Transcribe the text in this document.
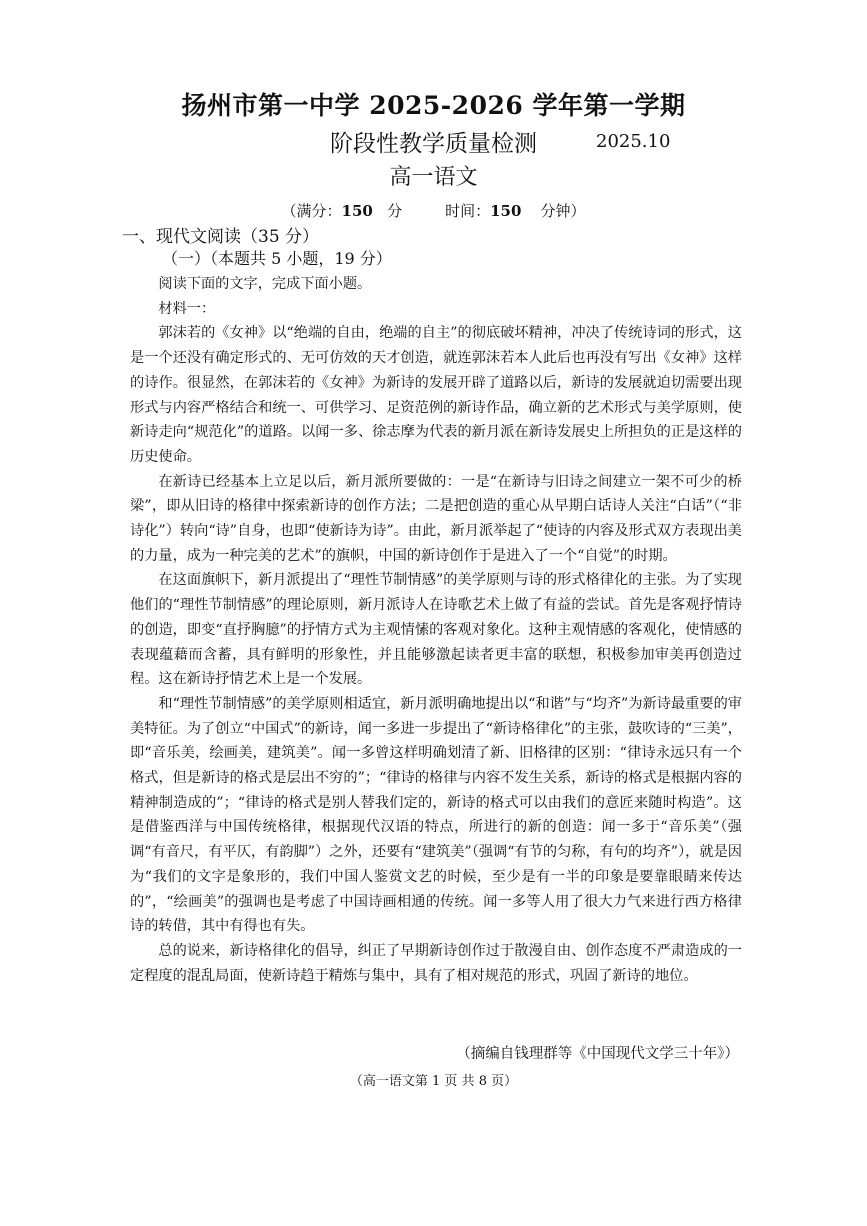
扬州市第一中学 2025-2026 学年第一学期
阶段性教学质量检测	2025.10
高一语文
（满分：150 分	时间：150 分钟）
一、现代文阅读（35 分）
（一）（本题共 5 小题，19 分）

阅读下面的文字，完成下面小题。

材料一：

郭沫若的《女神》以“绝端的自由，绝端的自主”的彻底破坏精神，冲决了传统诗词的形式，这是一个还没有确定形式的、无可仿效的天才创造，就连郭沫若本人此后也再没有写出《女神》这样的诗作。很显然，在郭沫若的《女神》为新诗的发展开辟了道路以后，新诗的发展就迫切需要出现形式与内容严格结合和统一、可供学习、足资范例的新诗作品，确立新的艺术形式与美学原则，使新诗走向“规范化”的道路。以闻一多、徐志摩为代表的新月派在新诗发展史上所担负的正是这样的历史使命。

在新诗已经基本上立足以后，新月派所要做的：一是“在新诗与旧诗之间建立一架不可少的桥梁”，即从旧诗的格律中探索新诗的创作方法；二是把创造的重心从早期白话诗人关注“白话”（“非诗化”）转向“诗”自身，也即“使新诗为诗”。由此，新月派举起了“使诗的内容及形式双方表现出美的力量，成为一种完美的艺术”的旗帜，中国的新诗创作于是进入了一个“自觉”的时期。

在这面旗帜下，新月派提出了“理性节制情感”的美学原则与诗的形式格律化的主张。为了实现他们的“理性节制情感”的理论原则，新月派诗人在诗歌艺术上做了有益的尝试。首先是客观抒情诗的创造，即变“直抒胸臆”的抒情方式为主观情愫的客观对象化。这种主观情感的客观化，使情感的表现蕴藉而含蓄，具有鲜明的形象性，并且能够激起读者更丰富的联想，积极参加审美再创造过程。这在新诗抒情艺术上是一个发展。

和“理性节制情感”的美学原则相适宜，新月派明确地提出以“和谐”与“均齐”为新诗最重要的审美特征。为了创立“中国式”的新诗，闻一多进一步提出了“新诗格律化”的主张，鼓吹诗的“三美”，即“音乐美，绘画美，建筑美”。闻一多曾这样明确划清了新、旧格律的区别：“律诗永远只有一个格式，但是新诗的格式是层出不穷的”；“律诗的格律与内容不发生关系，新诗的格式是根据内容的精神制造成的”；“律诗的格式是别人替我们定的，新诗的格式可以由我们的意匠来随时构造”。这是借鉴西洋与中国传统格律，根据现代汉语的特点，所进行的新的创造：闻一多于“音乐美”（强调“有音尺，有平仄，有韵脚”）之外，还要有“建筑美”（强调“有节的匀称，有句的均齐”），就是因为“我们的文字是象形的，我们中国人鉴赏文艺的时候，至少是有一半的印象是要靠眼睛来传达的”，“绘画美”的强调也是考虑了中国诗画相通的传统。闻一多等人用了很大力气来进行西方格律诗的转借，其中有得也有失。

总的说来，新诗格律化的倡导，纠正了早期新诗创作过于散漫自由、创作态度不严肃造成的一定程度的混乱局面，使新诗趋于精炼与集中，具有了相对规范的形式，巩固了新诗的地位。

（摘编自钱理群等《中国现代文学三十年》）
（高一语文第 1 页 共 8 页）
